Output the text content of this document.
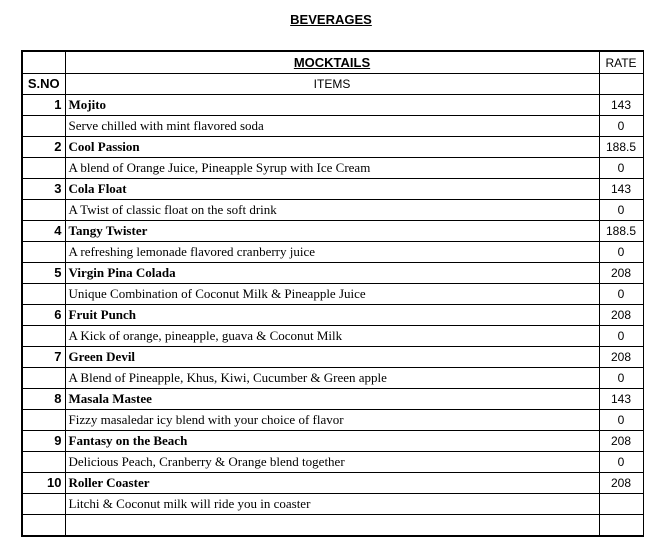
BEVERAGES
	MOCKTAILS	RATE
S.NO	ITEMS	
1	Mojito	143
	Serve chilled with mint flavored soda	0
2	Cool Passion	188.5
	A blend of Orange Juice, Pineapple Syrup with Ice Cream	0
3	Cola Float	143
	A Twist of classic float on the soft drink	0
4	Tangy Twister	188.5
	A refreshing lemonade flavored cranberry juice	0
5	Virgin Pina Colada	208
	Unique Combination of Coconut Milk & Pineapple Juice	0
6	Fruit Punch	208
	A Kick of orange, pineapple, guava & Coconut Milk	0
7	Green Devil	208
	A Blend of Pineapple, Khus, Kiwi, Cucumber & Green apple	0
8	Masala Mastee	143
	Fizzy masaledar icy blend with your choice of flavor	0
9	Fantasy on the Beach	208
	Delicious Peach, Cranberry & Orange blend together	0
10	Roller Coaster	208
	Litchi & Coconut milk will ride you in coaster	
